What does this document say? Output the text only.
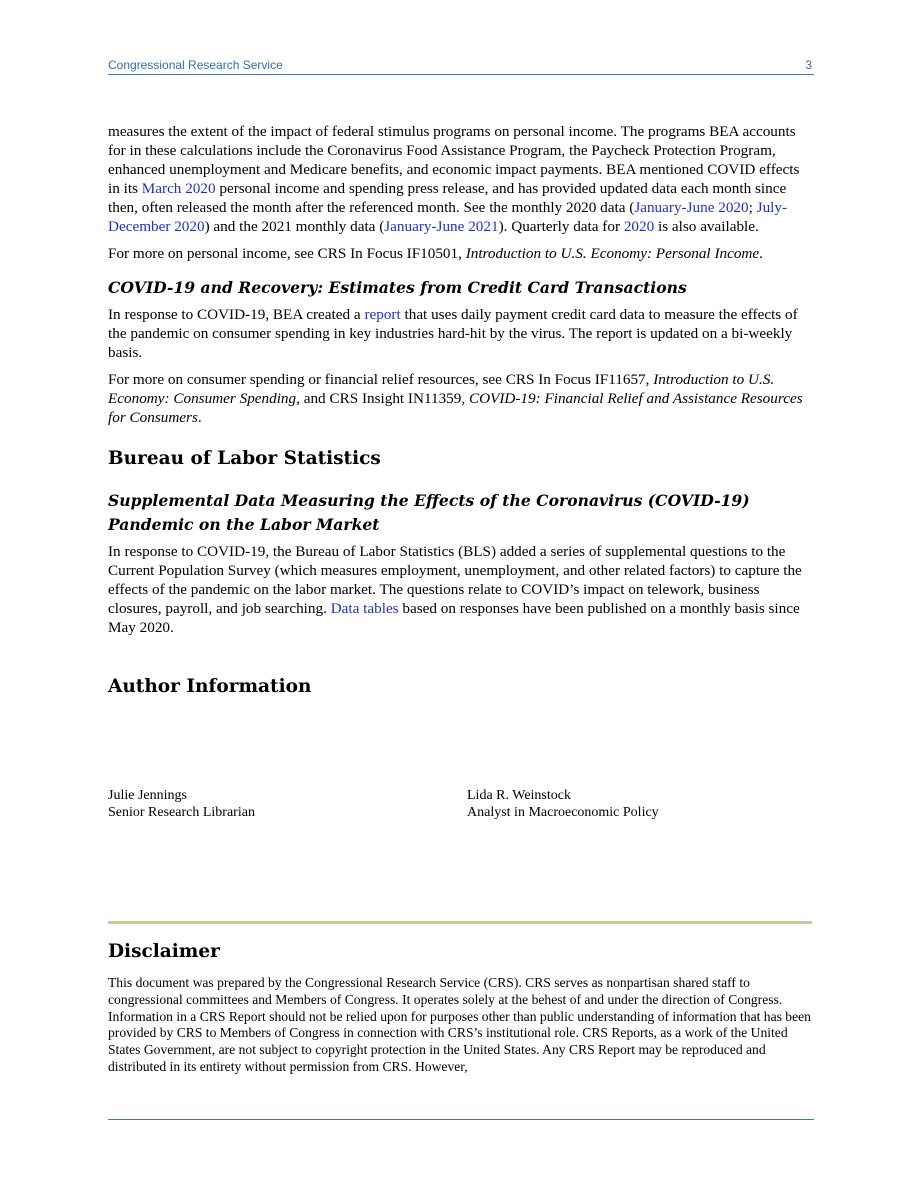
Congressional Research Service	3

measures the extent of the impact of federal stimulus programs on personal income. The programs BEA accounts for in these calculations include the Coronavirus Food Assistance Program, the Paycheck Protection Program, enhanced unemployment and Medicare benefits, and economic impact payments. BEA mentioned COVID effects in its March 2020 personal income and spending press release, and has provided updated data each month since then, often released the month after the referenced month. See the monthly 2020 data (January-June 2020; July-December 2020) and the 2021 monthly data (January-June 2021). Quarterly data for 2020 is also available.

For more on personal income, see CRS In Focus IF10501, Introduction to U.S. Economy: Personal Income.

COVID-19 and Recovery: Estimates from Credit Card Transactions

In response to COVID-19, BEA created a report that uses daily payment credit card data to measure the effects of the pandemic on consumer spending in key industries hard-hit by the virus. The report is updated on a bi-weekly basis.

For more on consumer spending or financial relief resources, see CRS In Focus IF11657, Introduction to U.S. Economy: Consumer Spending, and CRS Insight IN11359, COVID-19: Financial Relief and Assistance Resources for Consumers.

Bureau of Labor Statistics
Supplemental Data Measuring the Effects of the Coronavirus (COVID-19) Pandemic on the Labor Market

In response to COVID-19, the Bureau of Labor Statistics (BLS) added a series of supplemental questions to the Current Population Survey (which measures employment, unemployment, and other related factors) to capture the effects of the pandemic on the labor market. The questions relate to COVID’s impact on telework, business closures, payroll, and job searching. Data tables based on responses have been published on a monthly basis since May 2020.

Author Information
Julie Jennings
Senior Research Librarian
Lida R. Weinstock
Analyst in Macroeconomic Policy
Disclaimer

This document was prepared by the Congressional Research Service (CRS). CRS serves as nonpartisan shared staff to congressional committees and Members of Congress. It operates solely at the behest of and under the direction of Congress. Information in a CRS Report should not be relied upon for purposes other than public understanding of information that has been provided by CRS to Members of Congress in connection with CRS’s institutional role. CRS Reports, as a work of the United States Government, are not subject to copyright protection in the United States. Any CRS Report may be reproduced and distributed in its entirety without permission from CRS. However,
